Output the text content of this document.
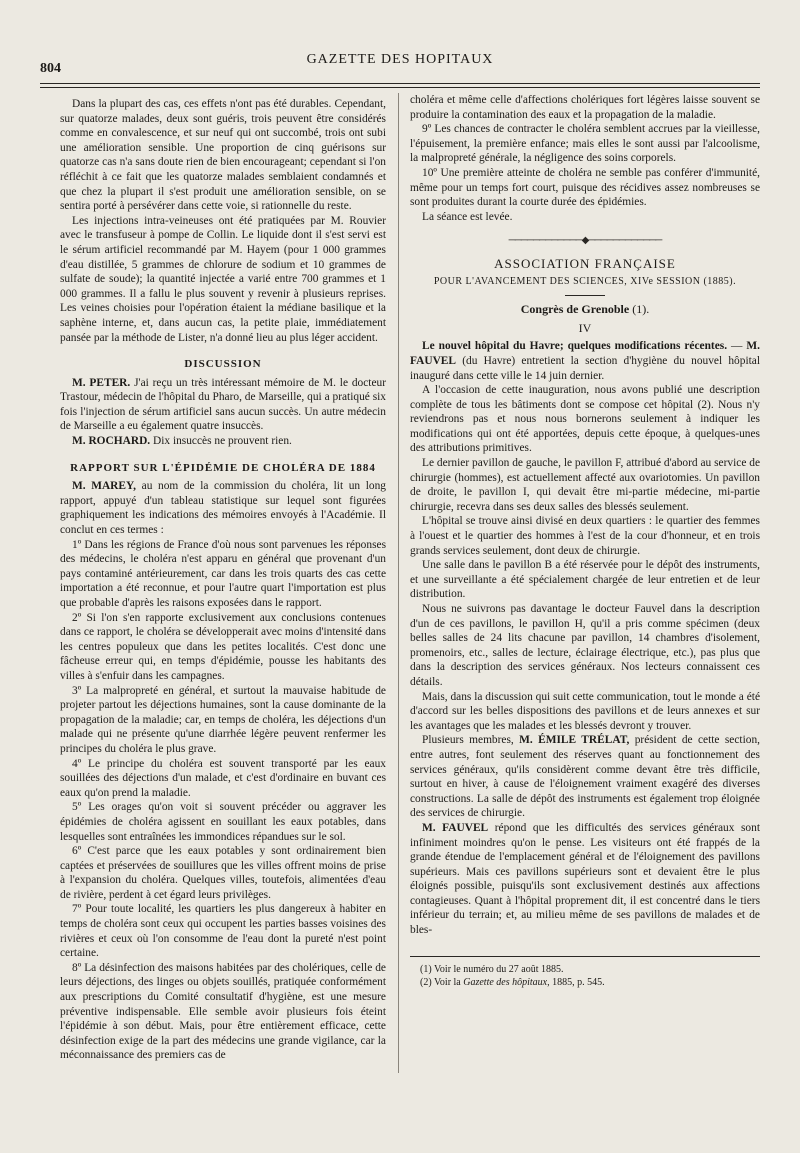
804
GAZETTE DES HOPITAUX

Dans la plupart des cas, ces effets n'ont pas été durables. Cependant, sur quatorze malades, deux sont guéris, trois peuvent être considérés comme en convalescence, et sur neuf qui ont succombé, trois ont subi une amélioration sensible. Une proportion de cinq guérisons sur quatorze cas n'a sans doute rien de bien encourageant; cependant si l'on réfléchit à ce fait que les quatorze malades semblaient condamnés et que chez la plupart il s'est produit une amélioration sensible, on se sentira porté à persévérer dans cette voie, si rationnelle du reste.

Les injections intra-veineuses ont été pratiquées par M. Rouvier avec le transfuseur à pompe de Collin. Le liquide dont il s'est servi est le sérum artificiel recommandé par M. Hayem (pour 1 000 grammes d'eau distillée, 5 grammes de chlorure de sodium et 10 grammes de sulfate de soude); la quantité injectée a varié entre 700 grammes et 1 000 grammes. Il a fallu le plus souvent y revenir à plusieurs reprises. Les veines choisies pour l'opération étaient la médiane basilique et la saphène interne, et, dans aucun cas, la petite plaie, immédiatement pansée par la méthode de Lister, n'a donné lieu au plus léger accident.

DISCUSSION

M. PETER. J'ai reçu un très intéressant mémoire de M. le docteur Trastour, médecin de l'hôpital du Pharo, de Marseille, qui a pratiqué six fois l'injection de sérum artificiel sans aucun succès. Un autre médecin de Marseille a eu également quatre insuccès.

M. ROCHARD. Dix insuccès ne prouvent rien.

RAPPORT SUR L'ÉPIDÉMIE DE CHOLÉRA DE 1884

M. MAREY, au nom de la commission du choléra, lit un long rapport, appuyé d'un tableau statistique sur lequel sont figurées graphiquement les indications des mémoires envoyés à l'Académie. Il conclut en ces termes :

1º Dans les régions de France d'où nous sont parvenues les réponses des médecins, le choléra n'est apparu en général que provenant d'un pays contaminé antérieurement, car dans les trois quarts des cas cette importation a été reconnue, et pour l'autre quart l'importation est plus que probable d'après les raisons exposées dans le rapport.

2º Si l'on s'en rapporte exclusivement aux conclusions contenues dans ce rapport, le choléra se développerait avec moins d'intensité dans les centres populeux que dans les petites localités. C'est donc une fâcheuse erreur qui, en temps d'épidémie, pousse les habitants des villes à s'enfuir dans les campagnes.

3º La malpropreté en général, et surtout la mauvaise habitude de projeter partout les déjections humaines, sont la cause dominante de la propagation de la maladie; car, en temps de choléra, les déjections d'un malade qui ne présente qu'une diarrhée légère peuvent renfermer les principes du choléra le plus grave.

4º Le principe du choléra est souvent transporté par les eaux souillées des déjections d'un malade, et c'est d'ordinaire en buvant ces eaux qu'on prend la maladie.

5º Les orages qu'on voit si souvent précéder ou aggraver les épidémies de choléra agissent en souillant les eaux potables, dans lesquelles sont entraînées les immondices répandues sur le sol.

6º C'est parce que les eaux potables y sont ordinairement bien captées et préservées de souillures que les villes offrent moins de prise à l'expansion du choléra. Quelques villes, toutefois, alimentées d'eau de rivière, perdent à cet égard leurs privilèges.

7º Pour toute localité, les quartiers les plus dangereux à habiter en temps de choléra sont ceux qui occupent les parties basses voisines des rivières et ceux où l'on consomme de l'eau dont la pureté n'est point certaine.

8º La désinfection des maisons habitées par des cholériques, celle de leurs déjections, des linges ou objets souillés, pratiquée conformément aux prescriptions du Comité consultatif d'hygiène, est une mesure préventive indispensable. Elle semble avoir plusieurs fois éteint l'épidémie à son début. Mais, pour être entièrement efficace, cette désinfection exige de la part des médecins une grande vigilance, car la méconnaissance des premiers cas de

choléra et même celle d'affections cholériques fort légères laisse souvent se produire la contamination des eaux et la propagation de la maladie.

9º Les chances de contracter le choléra semblent accrues par la vieillesse, l'épuisement, la première enfance; mais elles le sont aussi par l'alcoolisme, la malpropreté générale, la négligence des soins corporels.

10º Une première atteinte de choléra ne semble pas conférer d'immunité, même pour un temps fort court, puisque des récidives assez nombreuses se sont produites durant la courte durée des épidémies.

La séance est levée.

────────────◆────────────
ASSOCIATION FRANÇAISE
POUR L'AVANCEMENT DES SCIENCES, XIVe SESSION (1885).
Congrès de Grenoble (1).
IV

Le nouvel hôpital du Havre; quelques modifications récentes. — M. FAUVEL (du Havre) entretient la section d'hygiène du nouvel hôpital inauguré dans cette ville le 14 juin dernier.

A l'occasion de cette inauguration, nous avons publié une description complète de tous les bâtiments dont se compose cet hôpital (2). Nous n'y reviendrons pas et nous nous bornerons seulement à indiquer les modifications qui ont été apportées, depuis cette époque, à quelques-unes des attributions primitives.

Le dernier pavillon de gauche, le pavillon F, attribué d'abord au service de chirurgie (hommes), est actuellement affecté aux ovariotomies. Un pavillon de droite, le pavillon I, qui devait être mi-partie médecine, mi-partie chirurgie, recevra dans ses deux salles des blessés seulement.

L'hôpital se trouve ainsi divisé en deux quartiers : le quartier des femmes à l'ouest et le quartier des hommes à l'est de la cour d'honneur, et en trois grands services seulement, dont deux de chirurgie.

Une salle dans le pavillon B a été réservée pour le dépôt des instruments, et une surveillante a été spécialement chargée de leur entretien et de leur distribution.

Nous ne suivrons pas davantage le docteur Fauvel dans la description d'un de ces pavillons, le pavillon H, qu'il a pris comme spécimen (deux belles salles de 24 lits chacune par pavillon, 14 chambres d'isolement, promenoirs, etc., salles de lecture, éclairage électrique, etc.), pas plus que dans la description des services généraux. Nos lecteurs connaissent ces détails.

Mais, dans la discussion qui suit cette communication, tout le monde a été d'accord sur les belles dispositions des pavillons et de leurs annexes et sur les avantages que les malades et les blessés devront y trouver.

Plusieurs membres, M. ÉMILE TRÉLAT, président de cette section, entre autres, font seulement des réserves quant au fonctionnement des services généraux, qu'ils considèrent comme devant être très difficile, surtout en hiver, à cause de l'éloignement vraiment exagéré des diverses constructions. La salle de dépôt des instruments est également trop éloignée des services de chirurgie.

M. FAUVEL répond que les difficultés des services généraux sont infiniment moindres qu'on le pense. Les visiteurs ont été frappés de la grande étendue de l'emplacement général et de l'éloignement des pavillons supérieurs. Mais ces pavillons supérieurs sont et devaient être le plus éloignés possible, puisqu'ils sont exclusivement destinés aux affections contagieuses. Quant à l'hôpital proprement dit, il est concentré dans le tiers inférieur du terrain; et, au milieu même de ses pavillons de malades et de bles-

(1) Voir le numéro du 27 août 1885.

(2) Voir la Gazette des hôpitaux, 1885, p. 545.
